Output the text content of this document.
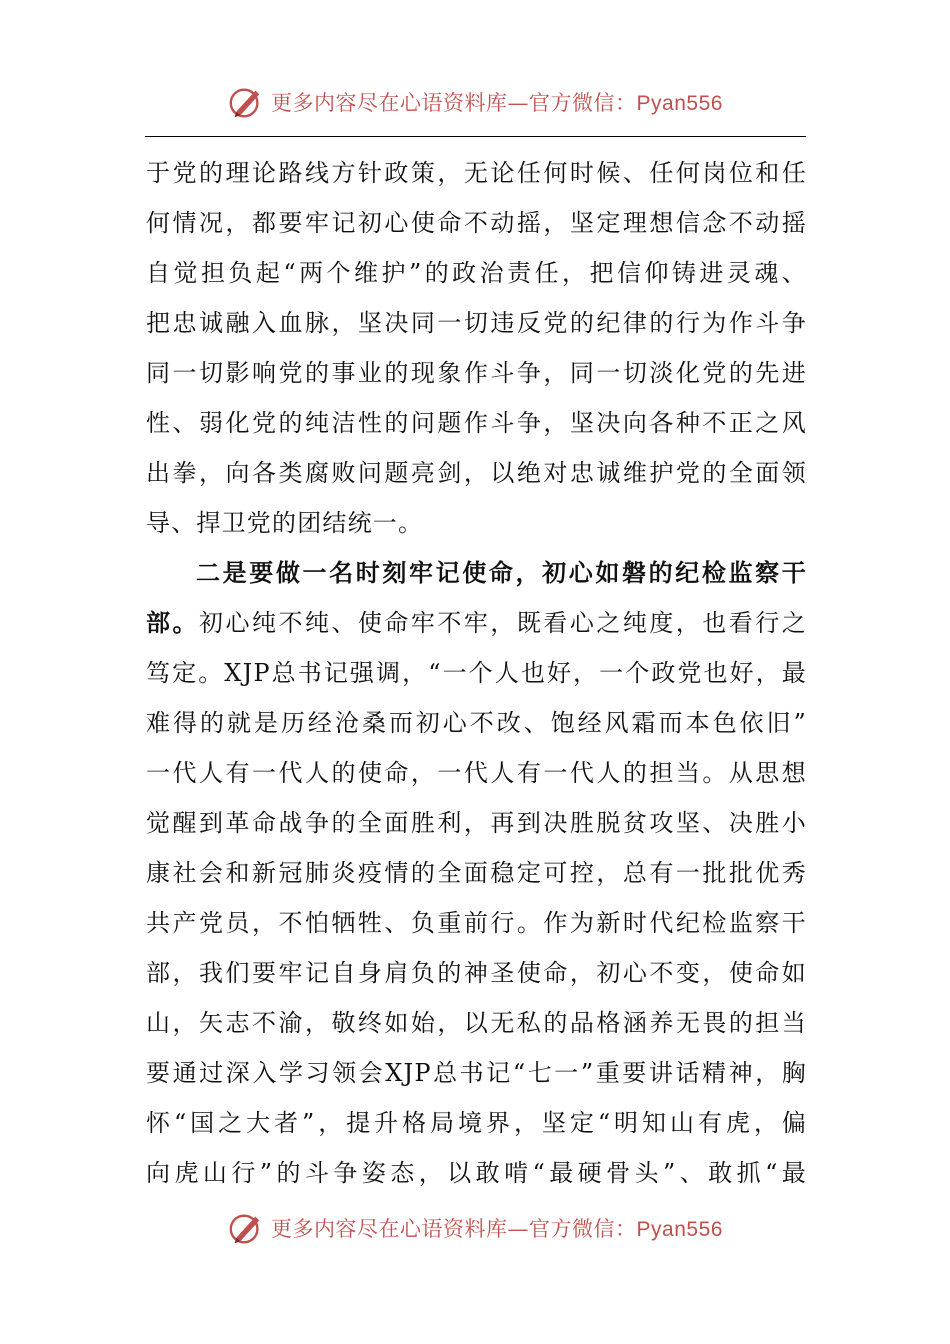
更多内容尽在心语资料库—官方微信：Pyan556
于党的理论路线方针政策，无论任何时候、任何岗位和任
何情况，都要牢记初心使命不动摇，坚定理想信念不动摇
自觉担负起“两个维护”的政治责任，把信仰铸进灵魂、
把忠诚融入血脉，坚决同一切违反党的纪律的行为作斗争
同一切影响党的事业的现象作斗争，同一切淡化党的先进
性、弱化党的纯洁性的问题作斗争，坚决向各种不正之风
出拳，向各类腐败问题亮剑，以绝对忠诚维护党的全面领
导、捍卫党的团结统一。
二是要做一名时刻牢记使命，初心如磐的纪检监察干
部。初心纯不纯、使命牢不牢，既看心之纯度，也看行之
笃定。XJP总书记强调，“一个人也好，一个政党也好，最
难得的就是历经沧桑而初心不改、饱经风霜而本色依旧”
一代人有一代人的使命，一代人有一代人的担当。从思想
觉醒到革命战争的全面胜利，再到决胜脱贫攻坚、决胜小
康社会和新冠肺炎疫情的全面稳定可控，总有一批批优秀
共产党员，不怕牺牲、负重前行。作为新时代纪检监察干
部，我们要牢记自身肩负的神圣使命，初心不变，使命如
山，矢志不渝，敬终如始，以无私的品格涵养无畏的担当
要通过深入学习领会XJP总书记“七一”重要讲话精神，胸
怀“国之大者”，提升格局境界，坚定“明知山有虎，偏
向虎山行”的斗争姿态，以敢啃“最硬骨头”、敢抓“最
更多内容尽在心语资料库—官方微信：Pyan556
